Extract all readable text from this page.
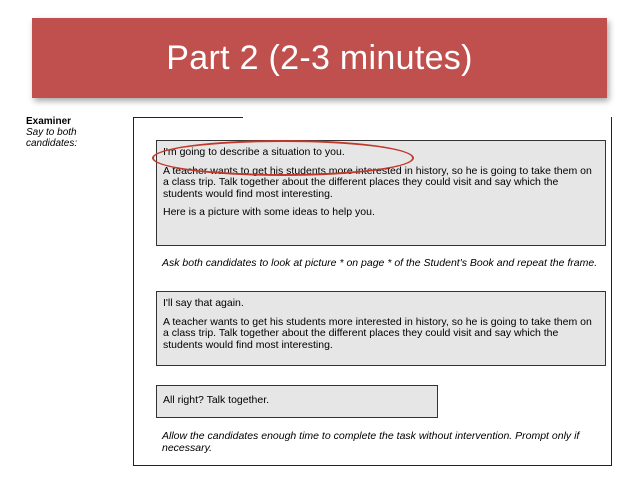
Part 2 (2-3 minutes)
Examiner
Say to both candidates:

I'm going to describe a situation to you.

A teacher wants to get his students more interested in history, so he is going to take them on a class trip. Talk together about the different places they could visit and say which the students would find most interesting.

Here is a picture with some ideas to help you.

Ask both candidates to look at picture * on page * of the Student's Book and repeat the frame.

I'll say that again.

A teacher wants to get his students more interested in history, so he is going to take them on a class trip. Talk together about the different places they could visit and say which the students would find most interesting.

All right? Talk together.

Allow the candidates enough time to complete the task without intervention. Prompt only if necessary.
